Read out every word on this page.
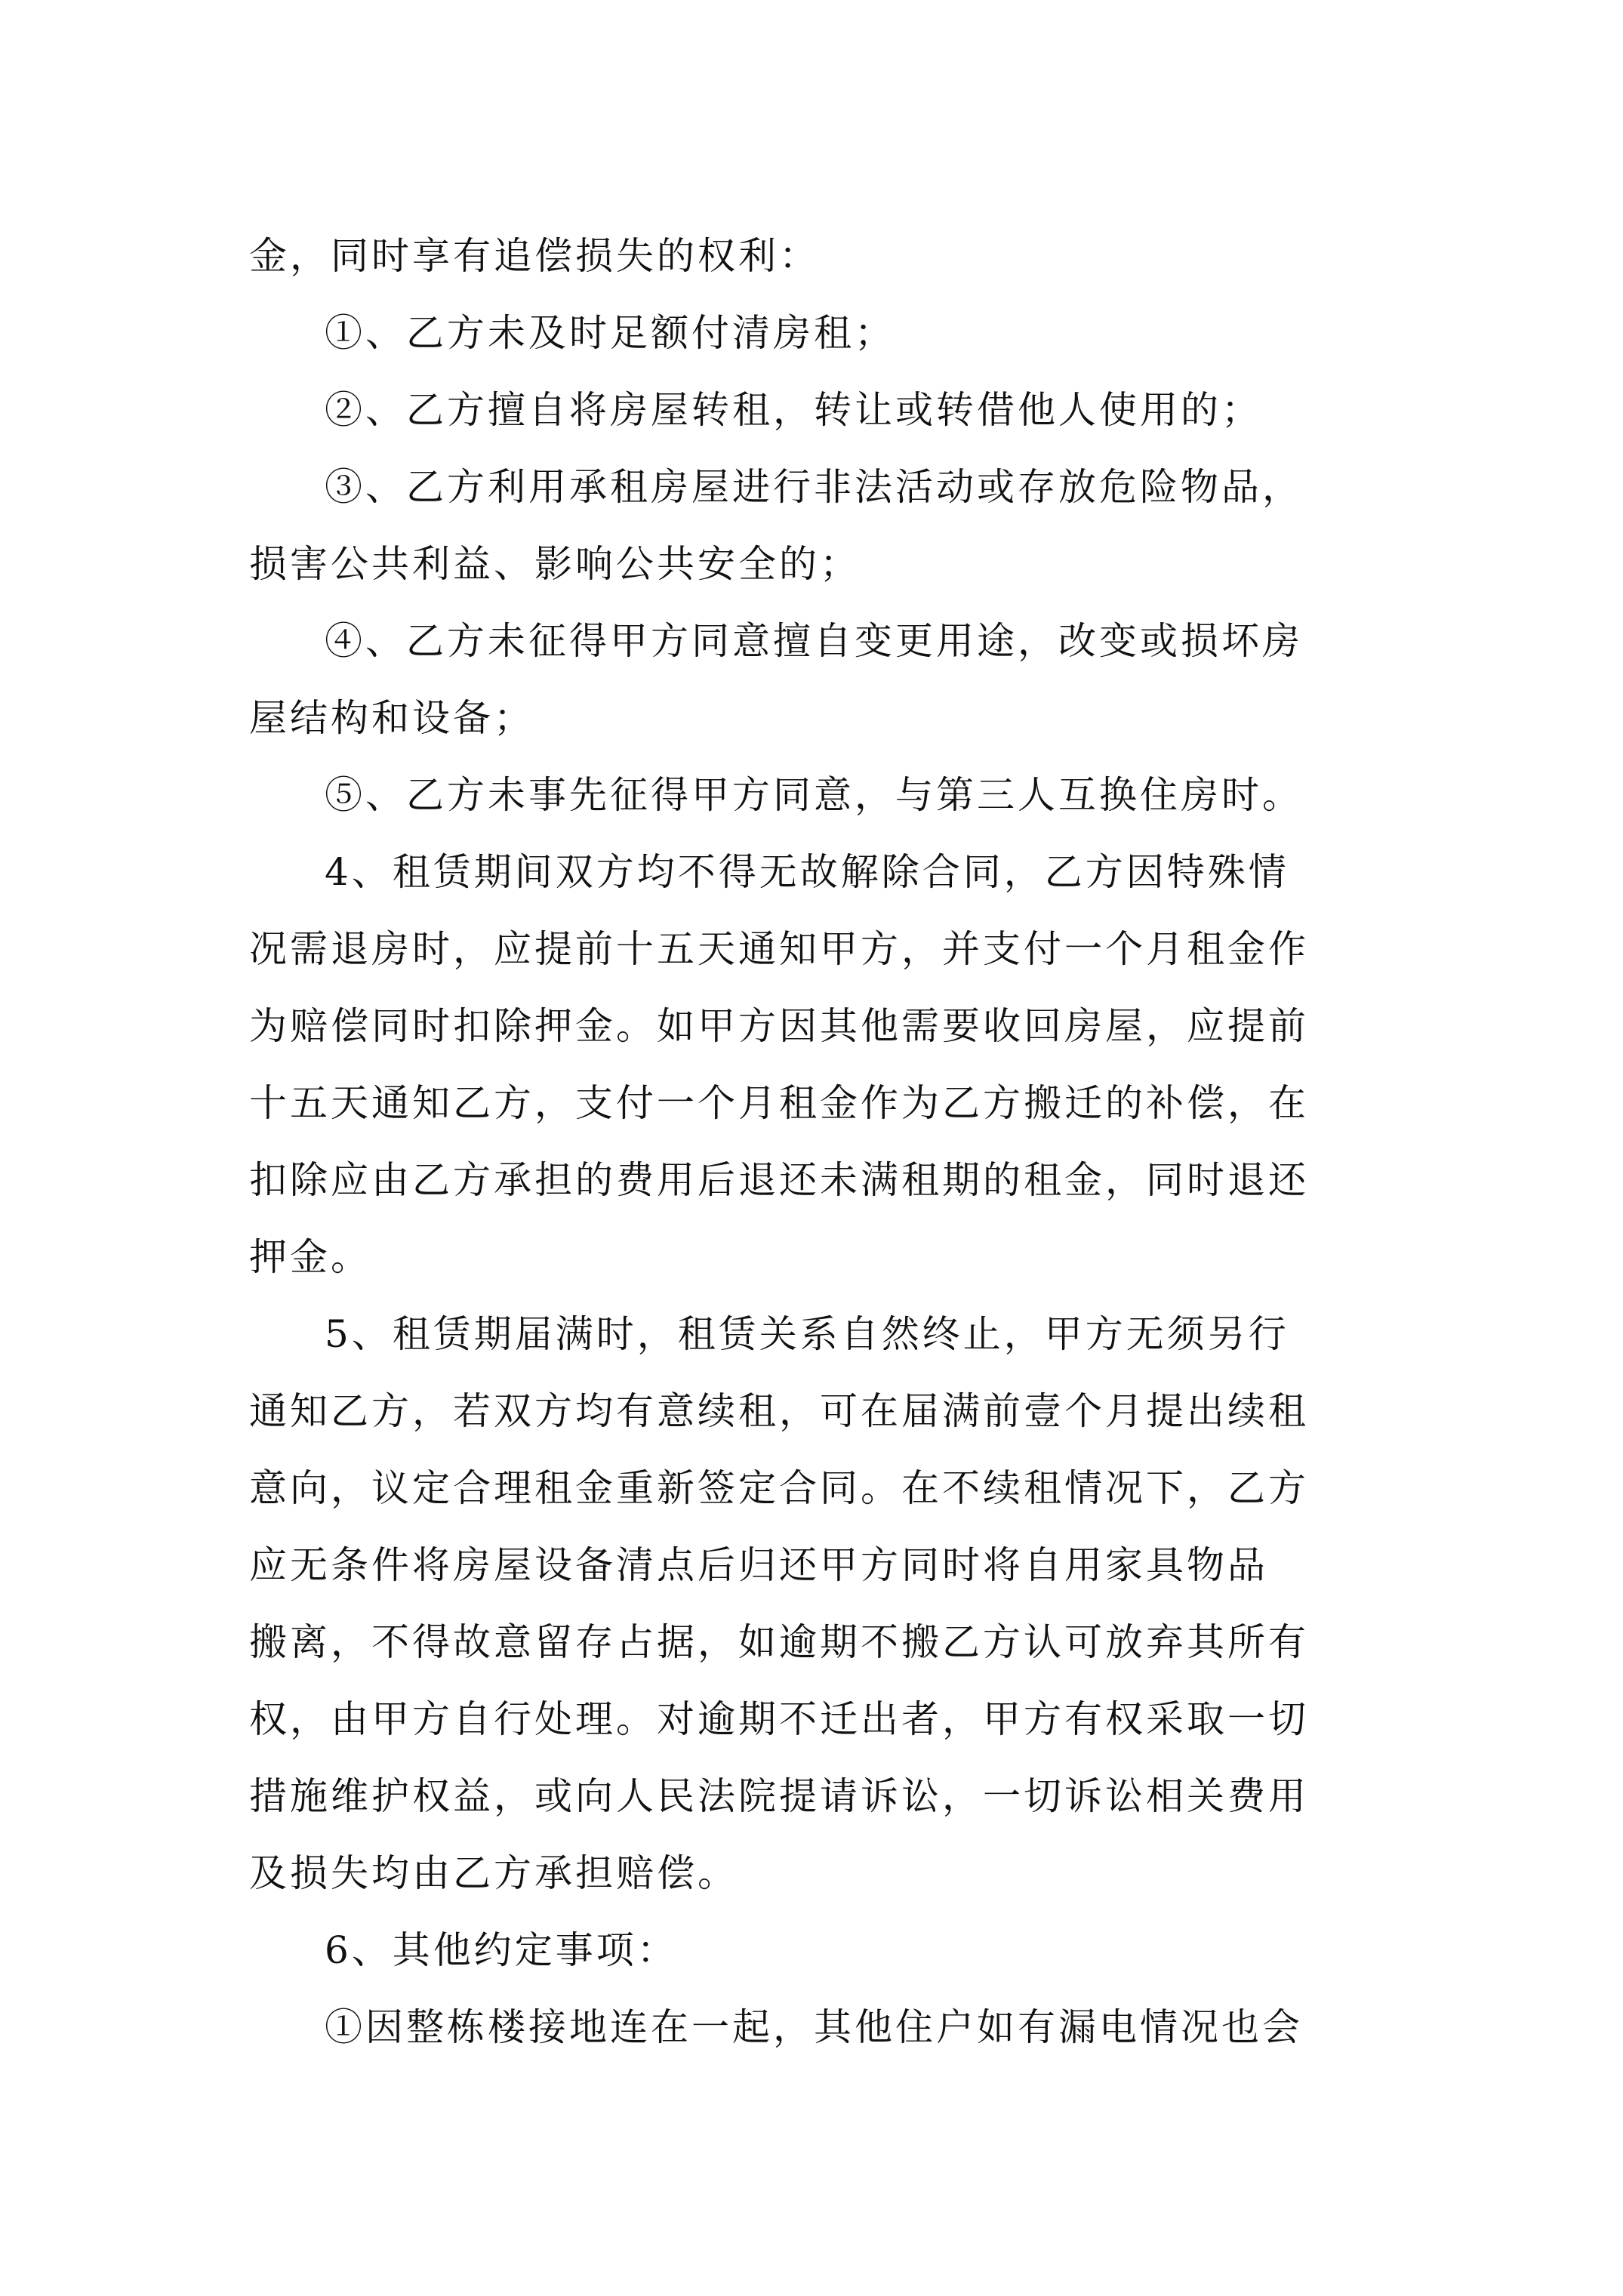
金，同时享有追偿损失的权利：
①、乙方未及时足额付清房租；
②、乙方擅自将房屋转租，转让或转借他人使用的；
③、乙方利用承租房屋进行非法活动或存放危险物品，
损害公共利益、影响公共安全的；
④、乙方未征得甲方同意擅自变更用途，改变或损坏房
屋结构和设备；
⑤、乙方未事先征得甲方同意，与第三人互换住房时。
4、租赁期间双方均不得无故解除合同，乙方因特殊情
况需退房时，应提前十五天通知甲方，并支付一个月租金作
为赔偿同时扣除押金。如甲方因其他需要收回房屋，应提前
十五天通知乙方，支付一个月租金作为乙方搬迁的补偿，在
扣除应由乙方承担的费用后退还未满租期的租金，同时退还
押金。
5、租赁期届满时，租赁关系自然终止，甲方无须另行
通知乙方，若双方均有意续租，可在届满前壹个月提出续租
意向，议定合理租金重新签定合同。在不续租情况下，乙方
应无条件将房屋设备清点后归还甲方同时将自用家具物品
搬离，不得故意留存占据，如逾期不搬乙方认可放弃其所有
权，由甲方自行处理。对逾期不迁出者，甲方有权采取一切
措施维护权益，或向人民法院提请诉讼，一切诉讼相关费用
及损失均由乙方承担赔偿。
6、其他约定事项：
①因整栋楼接地连在一起，其他住户如有漏电情况也会
